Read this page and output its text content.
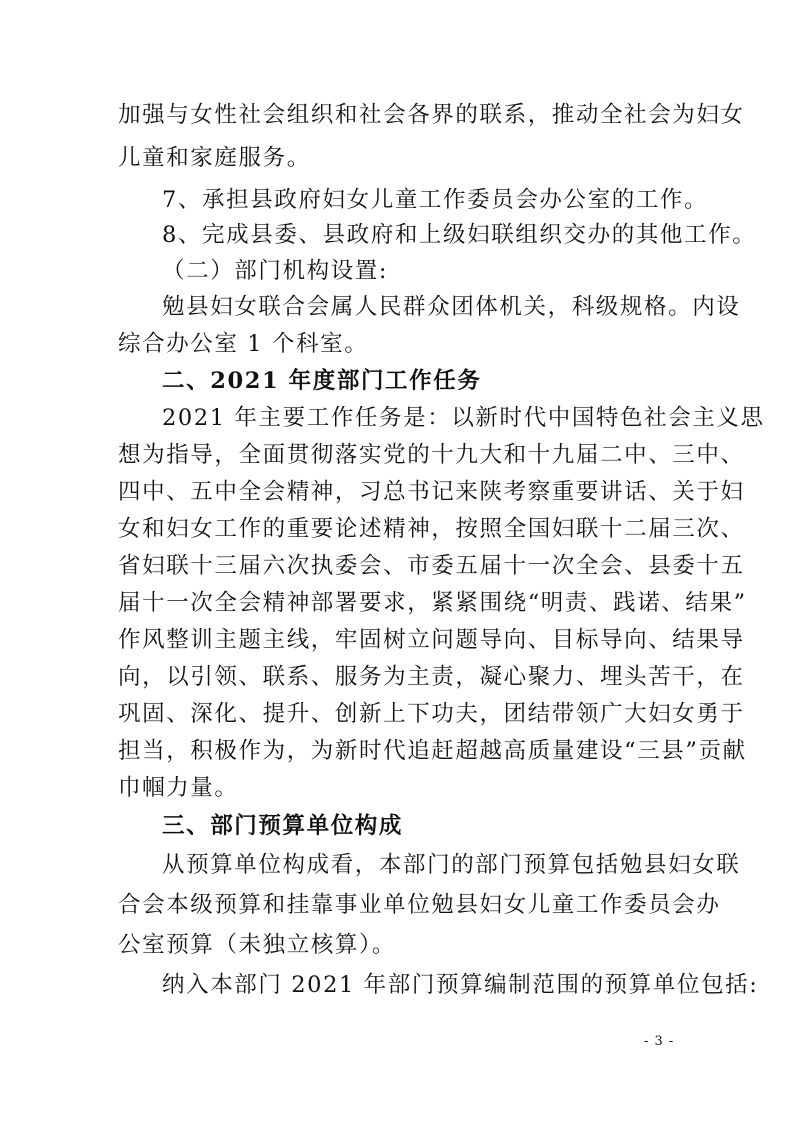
加强与女性社会组织和社会各界的联系，推动全社会为妇女
儿童和家庭服务。
7、承担县政府妇女儿童工作委员会办公室的工作。
8、完成县委、县政府和上级妇联组织交办的其他工作。
（二）部门机构设置:
勉县妇女联合会属人民群众团体机关，科级规格。内设
综合办公室 1 个科室。
二、2021 年度部门工作任务
2021 年主要工作任务是：以新时代中国特色社会主义思
想为指导，全面贯彻落实党的十九大和十九届二中、三中、
四中、五中全会精神，习总书记来陕考察重要讲话、关于妇
女和妇女工作的重要论述精神，按照全国妇联十二届三次、
省妇联十三届六次执委会、市委五届十一次全会、县委十五
届十一次全会精神部署要求，紧紧围绕“明责、践诺、结果”
作风整训主题主线，牢固树立问题导向、目标导向、结果导
向，以引领、联系、服务为主责，凝心聚力、埋头苦干，在
巩固、深化、提升、创新上下功夫，团结带领广大妇女勇于
担当，积极作为，为新时代追赶超越高质量建设“三县”贡献
巾帼力量。
三、部门预算单位构成
从预算单位构成看，本部门的部门预算包括勉县妇女联
合会本级预算和挂靠事业单位勉县妇女儿童工作委员会办
公室预算（未独立核算）。
纳入本部门 2021 年部门预算编制范围的预算单位包括:
- 3 -
